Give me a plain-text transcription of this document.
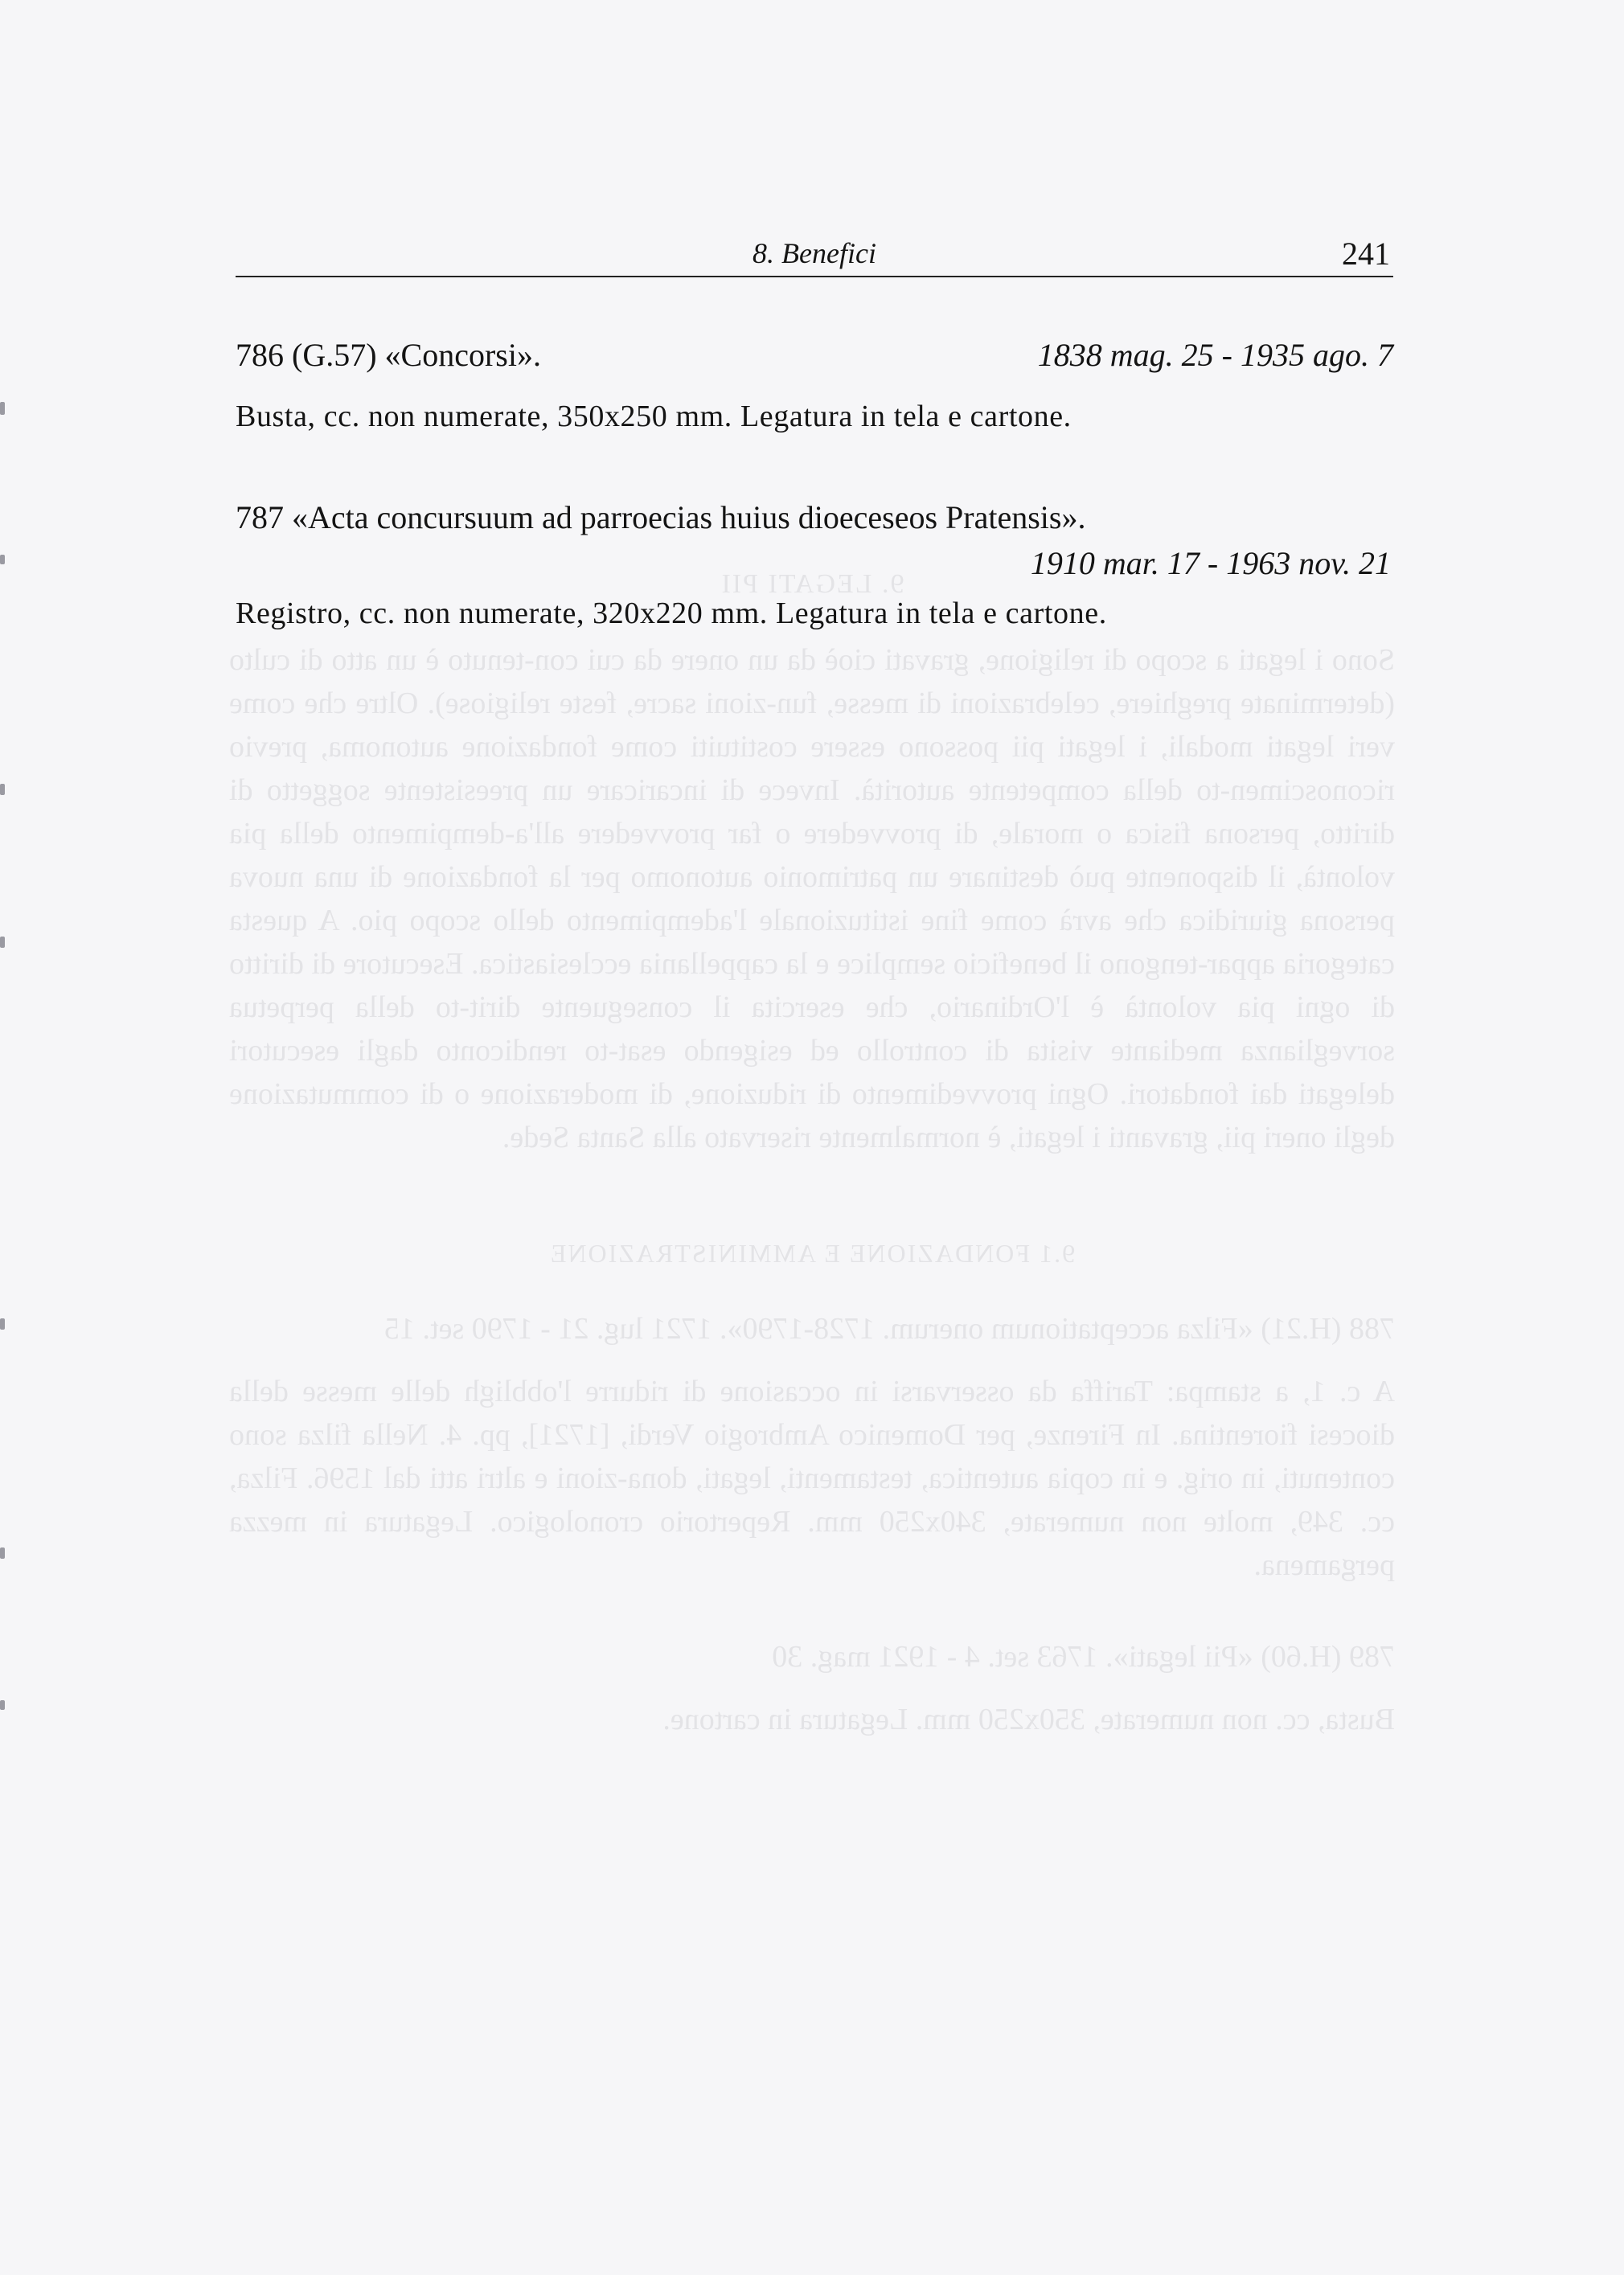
9. LEGATI PII

Sono i legati a scopo di religione, gravati cioè da un onere da cui con-tenuto è un atto di culto (determinate preghiere, celebrazioni di messe, fun-zioni sacre, feste religiose). Oltre che come veri legati modali, i legati pii possono essere costituiti come fondazione autonoma, previo riconoscimen-to della competente autorità. Invece di incaricare un preesistente soggetto di diritto, persona fisica o morale, di provvedere o far provvedere all'a-dempimento della pia volontà, il disponente può destinare un patrimonio autonomo per la fondazione di una nuova persona giuridica che avrà come fine istituzionale l'adempimento dello scopo pio. A questa categoria appar-tengono il beneficio semplice e la cappellania ecclesiastica. Esecutore di diritto di ogni pia volontà è l'Ordinario, che esercita il conseguente dirit-to della perpetua sorveglianza mediante visita di controllo ed esigendo esat-to rendiconto dagli esecutori delegati dai fondatori. Ogni provvedimento di riduzione, di moderazione o di commutazione degli oneri pii, gravanti i legati, è normalmente riservato alla Santa Sede.

9.1 FONDAZIONE E AMMINISTRAZIONE

788 (H.21) «Filza acceptationum onerum. 1728-1790». 1721 lug. 21 - 1790 set. 15

A c. 1, a stampa: Tariffa da osservarsi in occasione di ridurre l'obbligh delle messe della diocesi fiorentina. In Firenze, per Domenico Ambrogio Verdi, [1721], pp. 4. Nella filza sono contenuti, in orig. e in copia autentica, testamenti, legati, dona-zioni e altri atti dal 1596. Filza, cc. 349, molte non numerate, 340x250 mm. Repertorio cronologico. Legatura in mezza pergamena.

789 (H.60) «Pii legati». 1763 set. 4 - 1921 mag. 30

Busta, cc. non numerate, 350x250 mm. Legatura in cartone.

8. Benefici	241
786 (G.57) «Concorsi».	1838 mag. 25 - 1935 ago. 7
Busta, cc. non numerate, 350x250 mm. Legatura in tela e cartone.
787 «Acta concursuum ad parroecias huius dioeceseos Pratensis».
1910 mar. 17 - 1963 nov. 21
Registro, cc. non numerate, 320x220 mm. Legatura in tela e cartone.
